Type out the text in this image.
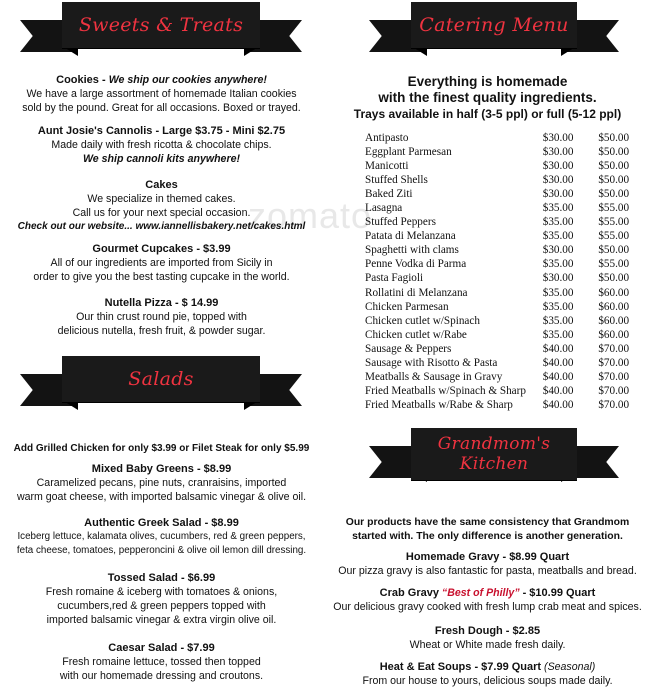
zomato
Sweets & Treats
Cookies - We ship our cookies anywhere!
We have a large assortment of homemade Italian cookies
sold by the pound. Great for all occasions. Boxed or trayed.
Aunt Josie's Cannolis - Large $3.75 - Mini $2.75
Made daily with fresh ricotta & chocolate chips.
We ship cannoli kits anywhere!
Cakes
We specialize in themed cakes.
Call us for your next special occasion.
Check out our website... www.iannellisbakery.net/cakes.html
Gourmet Cupcakes - $3.99
All of our ingredients are imported from Sicily in
order to give you the best tasting cupcake in the world.
Nutella Pizza - $ 14.99
Our thin crust round pie, topped with
delicious nutella, fresh fruit, & powder sugar.
Salads
Add Grilled Chicken for only $3.99 or Filet Steak for only $5.99
Mixed Baby Greens - $8.99
Caramelized pecans, pine nuts, cranraisins, imported
warm goat cheese, with imported balsamic vinegar & olive oil.
Authentic Greek Salad - $8.99
Iceberg lettuce, kalamata olives, cucumbers, red & green peppers,
feta cheese, tomatoes, pepperoncini & olive oil lemon dill dressing.
Tossed Salad - $6.99
Fresh romaine & iceberg with tomatoes & onions,
cucumbers,red & green peppers topped with
imported balsamic vinegar & extra virgin olive oil.
Caesar Salad - $7.99
Fresh romaine lettuce, tossed then topped
with our homemade dressing and croutons.
Catering Menu
Everything is homemade
with the finest quality ingredients.
Trays available in half (3-5 ppl) or full (5-12 ppl)
Antipasto	$30.00	$50.00
Eggplant Parmesan	$30.00	$50.00
Manicotti	$30.00	$50.00
Stuffed Shells	$30.00	$50.00
Baked Ziti	$30.00	$50.00
Lasagna	$35.00	$55.00
Stuffed Peppers	$35.00	$55.00
Patata di Melanzana	$35.00	$55.00
Spaghetti with clams	$30.00	$50.00
Penne Vodka di Parma	$35.00	$55.00
Pasta Fagioli	$30.00	$50.00
Rollatini di Melanzana	$35.00	$60.00
Chicken Parmesan	$35.00	$60.00
Chicken cutlet w/Spinach	$35.00	$60.00
Chicken cutlet w/Rabe	$35.00	$60.00
Sausage & Peppers	$40.00	$70.00
Sausage with Risotto & Pasta	$40.00	$70.00
Meatballs & Sausage in Gravy	$40.00	$70.00
Fried Meatballs w/Spinach & Sharp	$40.00	$70.00
Fried Meatballs w/Rabe & Sharp	$40.00	$70.00
Grandmom's
Kitchen
Our products have the same consistency that Grandmom
started with. The only difference is another generation.
Homemade Gravy - $8.99 Quart
Our pizza gravy is also fantastic for pasta, meatballs and bread.
Crab Gravy “Best of Philly” - $10.99 Quart
Our delicious gravy cooked with fresh lump crab meat and spices.
Fresh Dough - $2.85
Wheat or White made fresh daily.
Heat & Eat Soups - $7.99 Quart (Seasonal)
From our house to yours, delicious soups made daily.
